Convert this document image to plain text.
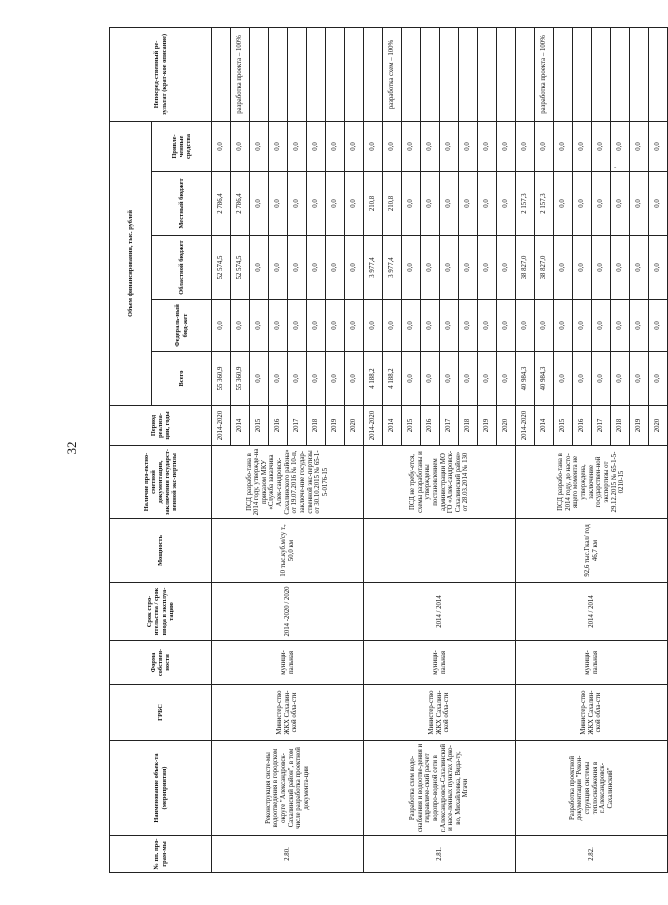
32
-
№ пп. про-грам-мы	Наименование объек-та (мероприятия)	ГРБС	Форма собствен-ности	Срок стро-ительства / срок ввода в эксплуа-тацию	Мощность	Наличие про-ектно-сметной документации, заключения государст-венной экс-пертизы	Период реализа-ции, годы	Объем финансирования, тыс. рублей					Непосред-ственный ре-зультат (крат-кое описание)
								Всего	Федераль-ный бюд-жет	Областной бюджет	Местный бюджет	Привле-ченные средства	
2.80.	Реконструкция систе-мы водоотведения в городском округе "Александровск-Сахалинский район", в том числе разработка проектной документа-ции	Министер-ство ЖКХ Сахалин-ской обла-сти	муници-пальная	2014 -2020 / 2020	10 тыс.куб.м/су т., 50,0 км	ПСД разрабо-тана в 2014 году, утвержде-на приказом МКУ «Служба заказчика Алек-сандровск-Сахалинского района» от 19.07.2016 № 10-п, заключе-ние государ-ственной экс-пертизы от 30.10.2015 № 65-1-5-0176-15	2014-2020	55 360,9	0,0	52 574,5	2 786,4	0,0	
							2014	55 360,9	0,0	52 574,5	2 786,4	0,0	разработка проекта – 100%
							2015	0,0	0,0	0,0	0,0	0,0	
							2016	0,0	0,0	0,0	0,0	0,0	
							2017	0,0	0,0	0,0	0,0	0,0	
							2018	0,0	0,0	0,0	0,0	0,0	
							2019	0,0	0,0	0,0	0,0	0,0	
							2020	0,0	0,0	0,0	0,0	0,0	
2.81.	Разработка схем водо-снабжения и водоотве-дения и гидравличе-ский расчет водопро-водной сети в г.Александровск-Сахалинский и насе-ленных пунктах Арко-во, Михайловка, Вида-ту, Мгачи	Министер-ство ЖКХ Сахалин-ской обла-сти	муници-пальная	2014 / 2014		ПСД не требу-ется, схемы разработаны и утверждены постановлением администрации МО ГО «Алек-сандровск-Сахалинский район» от 28.03.2014 № 130	2014-2020	4 188,2	0,0	3 977,4	210,8	0,0	
							2014	4 188,2	0,0	3 977,4	210,8	0,0	разработка схем – 100%
							2015	0,0	0,0	0,0	0,0	0,0	
							2016	0,0	0,0	0,0	0,0	0,0	
							2017	0,0	0,0	0,0	0,0	0,0	
							2018	0,0	0,0	0,0	0,0	0,0	
							2019	0,0	0,0	0,0	0,0	0,0	
							2020	0,0	0,0	0,0	0,0	0,0	
2.82.	Разработка проектной документации "Рекон-струкция системы теплоснабжения в г.Александровск-Сахалинский"	Министер-ство ЖКХ Сахалин-ской обла-сти	муници-пальная	2014 / 2014	92,6 тыс.Гкал/ год 46,7 км	ПСД разрабо-тана в 2014 году, до насто-ящего момента не утверждена, заключение государствен-ной экспертизы от 29.12.2015 № 65-1-5-0210-15	2014-2020	40 984,3	0,0	38 827,0	2 157,3	0,0	
							2014	40 984,3	0,0	38 827,0	2 157,3	0,0	разработка проекта – 100%
							2015	0,0	0,0	0,0	0,0	0,0	
							2016	0,0	0,0	0,0	0,0	0,0	
							2017	0,0	0,0	0,0	0,0	0,0	
							2018	0,0	0,0	0,0	0,0	0,0	
							2019	0,0	0,0	0,0	0,0	0,0	
							2020	0,0	0,0	0,0	0,0	0,0	
